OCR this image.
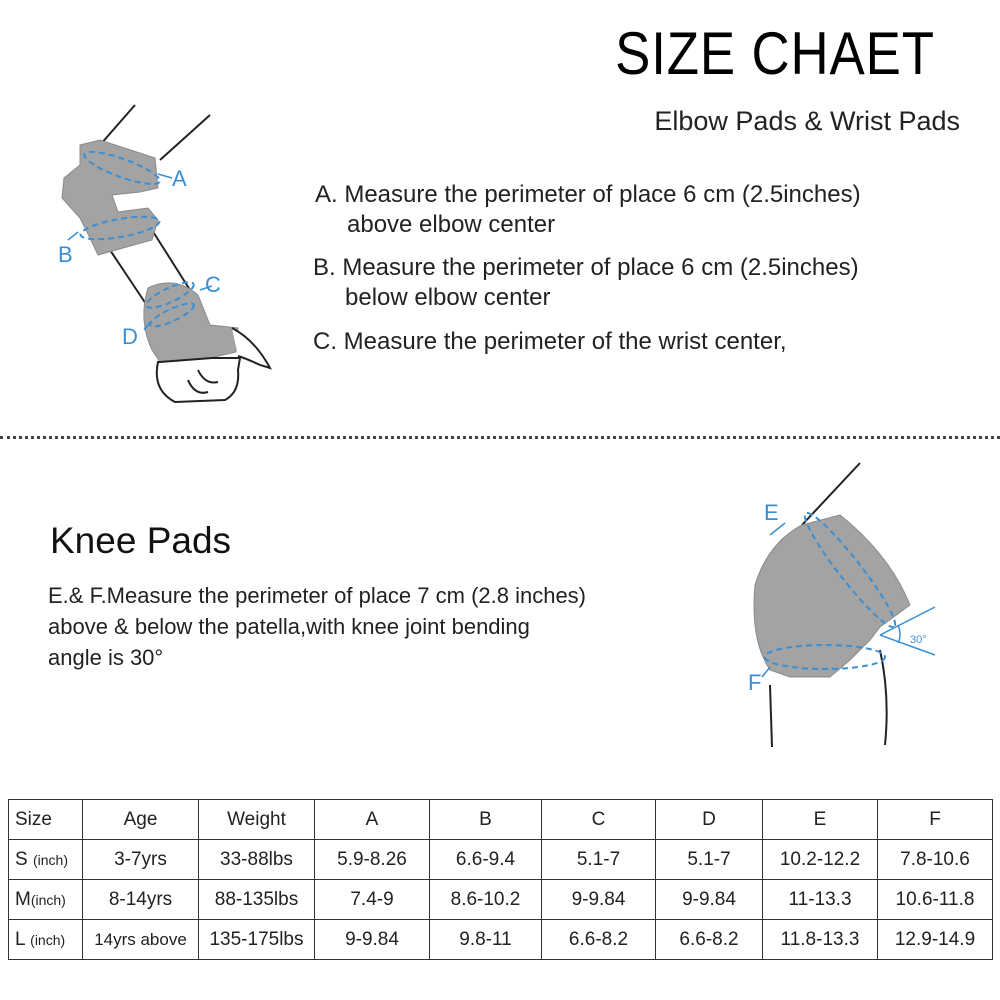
SIZE CHAET
Elbow Pads & Wrist Pads
A
B
C
D
A. Measure the perimeter of place 6 cm (2.5inches)
above elbow center
B. Measure the perimeter of place 6 cm (2.5inches)
below elbow center
C. Measure the perimeter of the wrist center,
Knee Pads
E.& F.Measure the perimeter of place 7 cm (2.8 inches)
above & below the patella,with knee joint bending
angle is 30°
30°
E
F
Size	Age	Weight	A	B	C	D	E	F
S (inch)	3-7yrs	33-88lbs	5.9-8.26	6.6-9.4	5.1-7	5.1-7	10.2-12.2	7.8-10.6
M(inch)	8-14yrs	88-135lbs	7.4-9	8.6-10.2	9-9.84	9-9.84	11-13.3	10.6-11.8
L (inch)	14yrs above	135-175lbs	9-9.84	9.8-11	6.6-8.2	6.6-8.2	11.8-13.3	12.9-14.9
